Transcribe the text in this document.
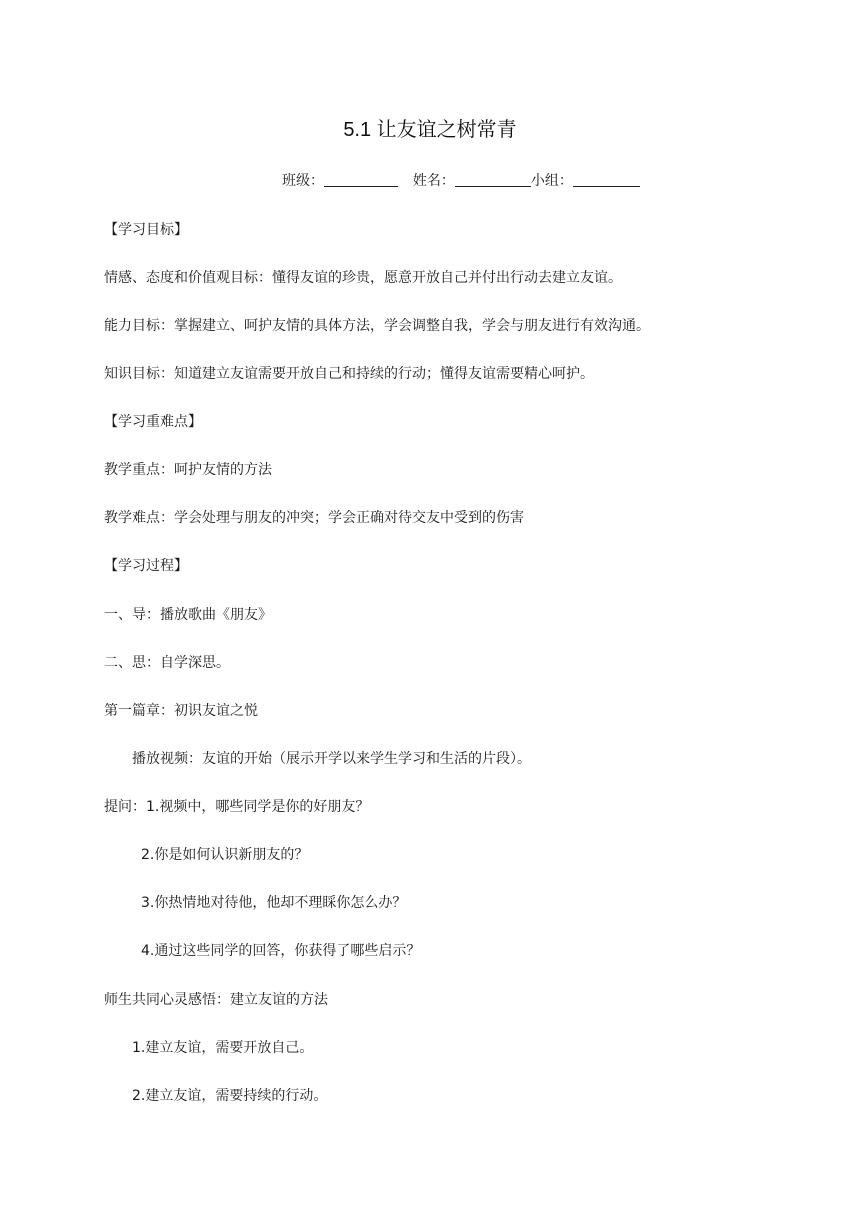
5.1 让友谊之树常青
班级：	姓名：	小组：
【学习目标】
情感、态度和价值观目标：懂得友谊的珍贵，愿意开放自己并付出行动去建立友谊。
能力目标：掌握建立、呵护友情的具体方法，学会调整自我，学会与朋友进行有效沟通。
知识目标：知道建立友谊需要开放自己和持续的行动；懂得友谊需要精心呵护。
【学习重难点】
教学重点：呵护友情的方法
教学难点：学会处理与朋友的冲突；学会正确对待交友中受到的伤害
【学习过程】
一、导：播放歌曲《朋友》
二、思：自学深思。
第一篇章：初识友谊之悦
播放视频：友谊的开始（展示开学以来学生学习和生活的片段）。
提问：1.视频中，哪些同学是你的好朋友？
2.你是如何认识新朋友的？
3.你热情地对待他，他却不理睬你怎么办？
4.通过这些同学的回答，你获得了哪些启示？
师生共同心灵感悟：建立友谊的方法
1.建立友谊，需要开放自己。
2.建立友谊，需要持续的行动。
